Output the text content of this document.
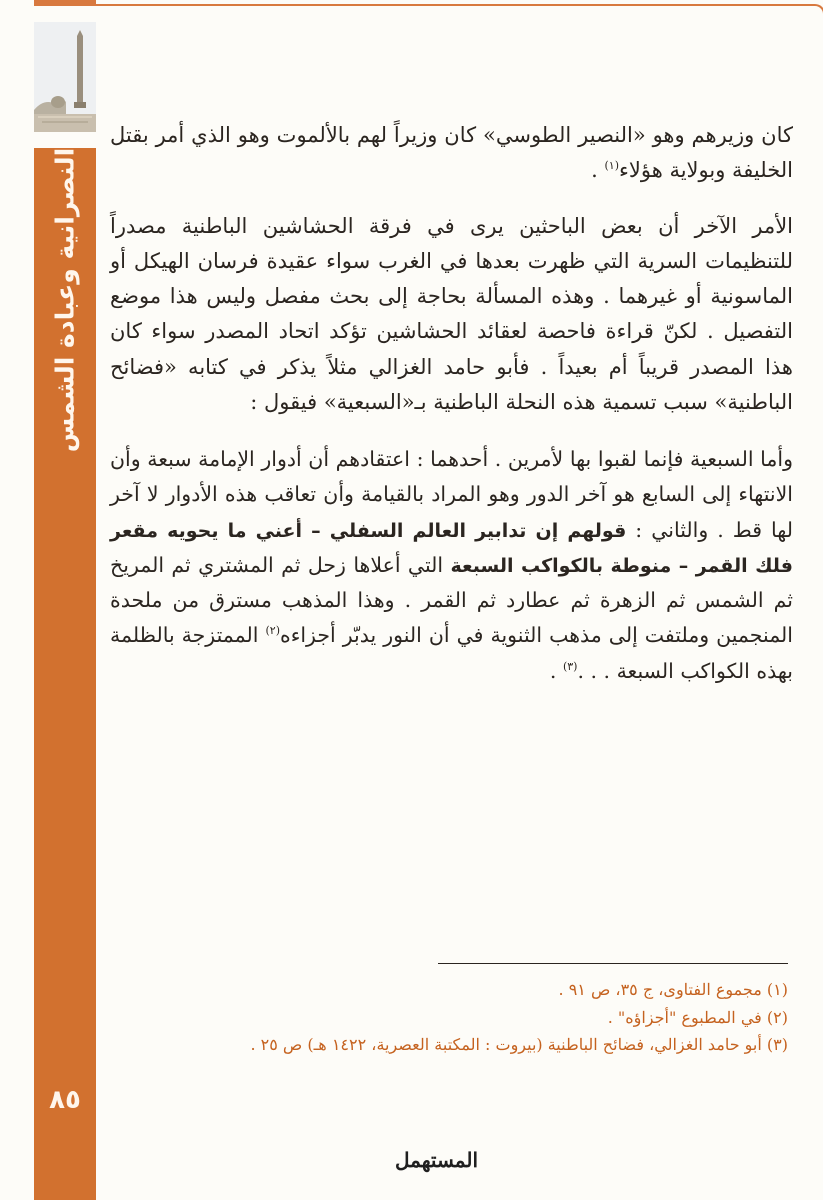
النصرانية وعبادة الشمس
٨٥

كان وزيرهم وهو «النصير الطوسي» كان وزيراً لهم بالألموت وهو الذي أمر بقتل الخليفة وبولاية هؤلاء$^{(١)}$ .

الأمر الآخر أن بعض الباحثين يرى في فرقة الحشاشين الباطنية مصدراً للتنظيمات السرية التي ظهرت بعدها في الغرب سواء عقيدة فرسان الهيكل أو الماسونية أو غيرهما . وهذه المسألة بحاجة إلى بحث مفصل وليس هذا موضع التفصيل . لكنّ قراءة فاحصة لعقائد الحشاشين تؤكد اتحاد المصدر سواء كان هذا المصدر قريباً أم بعيداً . فأبو حامد الغزالي مثلاً يذكر في كتابه «فضائح الباطنية» سبب تسمية هذه النحلة الباطنية بـ«السبعية» فيقول :

وأما السبعية فإنما لقبوا بها لأمرين . أحدهما : اعتقادهم أن أدوار الإمامة سبعة وأن الانتهاء إلى السابع هو آخر الدور وهو المراد بالقيامة وأن تعاقب هذه الأدوار لا آخر لها قط . والثاني : قولهم إن تدابير العالم السفلي – أعني ما يحويه مقعر فلك القمر – منوطة بالكواكب السبعة التي أعلاها زحل ثم المشتري ثم المريخ ثم الشمس ثم الزهرة ثم عطارد ثم القمر . وهذا المذهب مسترق من ملحدة المنجمين وملتفت إلى مذهب الثنوية في أن النور يدبّر أجزاءه$^{(٢)}$ الممتزجة بالظلمة بهذه الكواكب السبعة . . .$^{(٣)}$ .

(١) مجموع الفتاوى، ج ٣٥، ص ٩١ .

(٢) في المطبوع "أجزاؤه" .

(٣) أبو حامد الغزالي، فضائح الباطنية (بيروت : المكتبة العصرية، ١٤٢٢ هـ) ص ٢٥ .

المستهمل
